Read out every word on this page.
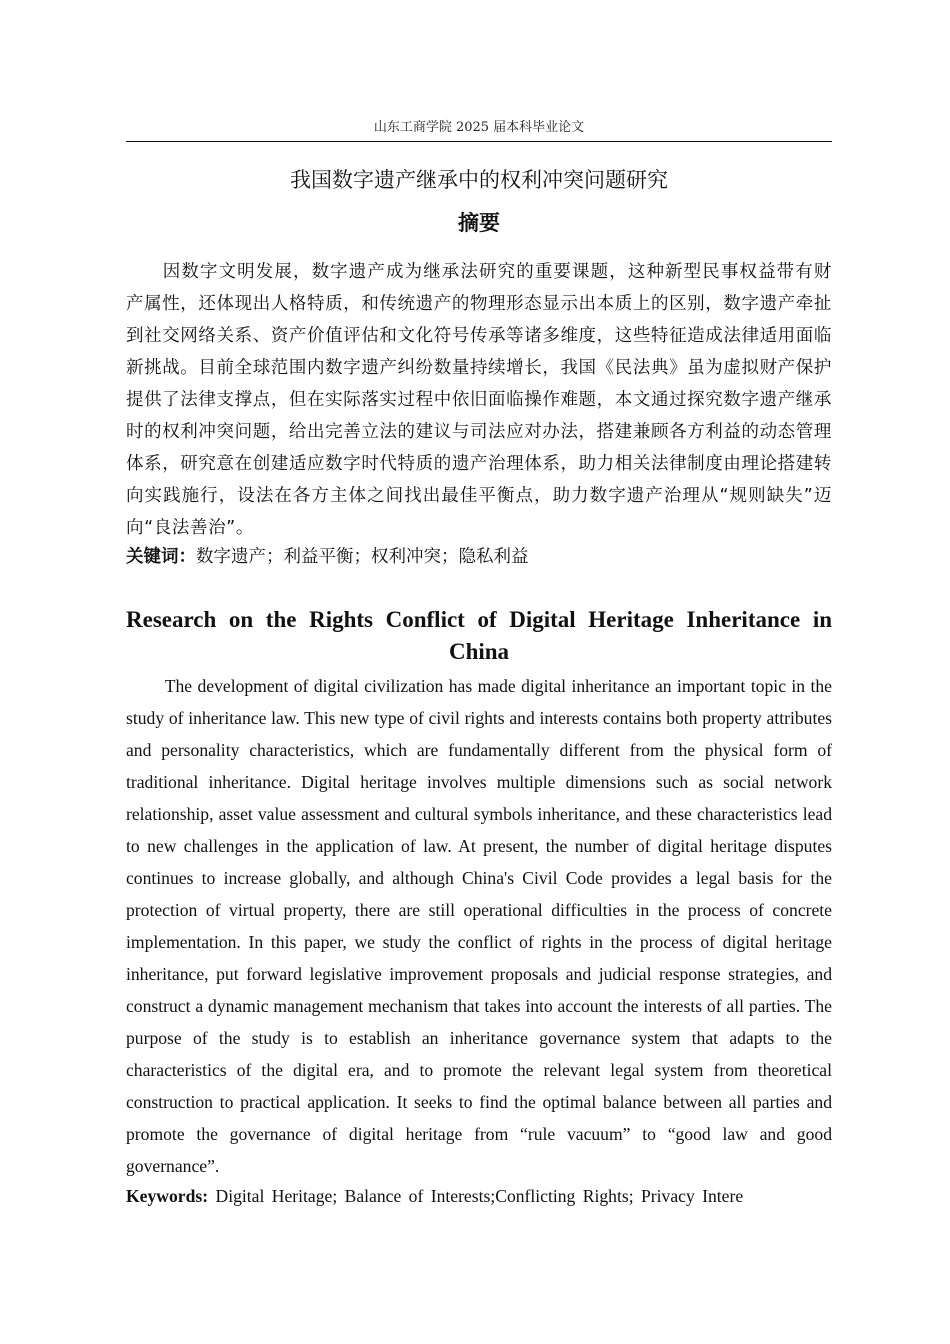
山东工商学院 2025 届本科毕业论文
我国数字遗产继承中的权利冲突问题研究
摘要

因数字文明发展，数字遗产成为继承法研究的重要课题，这种新型民事权益带有财产属性，还体现出人格特质，和传统遗产的物理形态显示出本质上的区别，数字遗产牵扯到社交网络关系、资产价值评估和文化符号传承等诸多维度，这些特征造成法律适用面临新挑战。目前全球范围内数字遗产纠纷数量持续增长，我国《民法典》虽为虚拟财产保护提供了法律支撑点，但在实际落实过程中依旧面临操作难题，本文通过探究数字遗产继承时的权利冲突问题，给出完善立法的建议与司法应对办法，搭建兼顾各方利益的动态管理体系，研究意在创建适应数字时代特质的遗产治理体系，助力相关法律制度由理论搭建转向实践施行，设法在各方主体之间找出最佳平衡点，助力数字遗产治理从“规则缺失”迈向“良法善治”。

关键词：数字遗产；利益平衡；权利冲突；隐私利益

Research on the Rights Conflict of Digital Heritage Inheritance in China

The development of digital civilization has made digital inheritance an important topic in the study of inheritance law. This new type of civil rights and interests contains both property attributes and personality characteristics, which are fundamentally different from the physical form of traditional inheritance. Digital heritage involves multiple dimensions such as social network relationship, asset value assessment and cultural symbols inheritance, and these characteristics lead to new challenges in the application of law. At present, the number of digital heritage disputes continues to increase globally, and although China's Civil Code provides a legal basis for the protection of virtual property, there are still operational difficulties in the process of concrete implementation. In this paper, we study the conflict of rights in the process of digital heritage inheritance, put forward legislative improvement proposals and judicial response strategies, and construct a dynamic management mechanism that takes into account the interests of all parties. The purpose of the study is to establish an inheritance governance system that adapts to the characteristics of the digital era, and to promote the relevant legal system from theoretical construction to practical application. It seeks to find the optimal balance between all parties and promote the governance of digital heritage from “rule vacuum” to “good law and good governance”.

Keywords: Digital Heritage; Balance of Interests;Conflicting Rights; Privacy Intere
